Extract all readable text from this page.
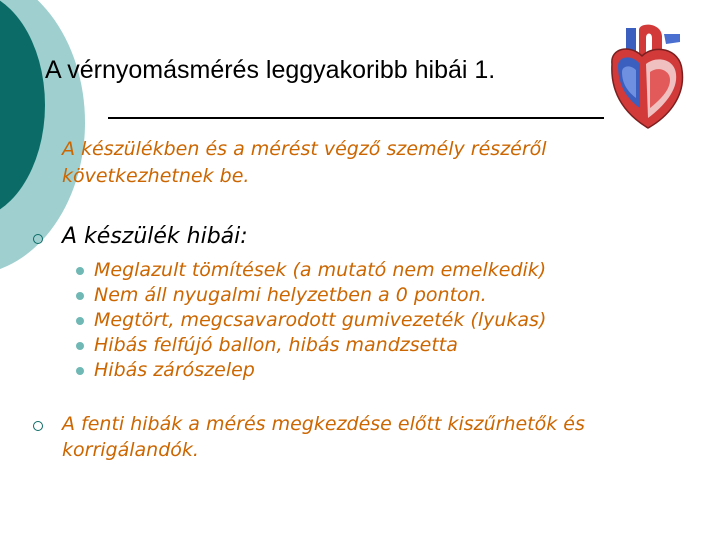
A vérnyomásmérés leggyakoribb hibái 1.
A készülékben és a mérést végző személy részéről következhetnek be.
A készülék hibái:
Meglazult tömítések (a mutató nem emelkedik)
Nem áll nyugalmi helyzetben a 0 ponton.
Megtört, megcsavarodott gumivezeték (lyukas)
Hibás felfújó ballon, hibás mandzsetta
Hibás zárószelep
A fenti hibák a mérés megkezdése előtt kiszűrhetők és korrigálandók.
